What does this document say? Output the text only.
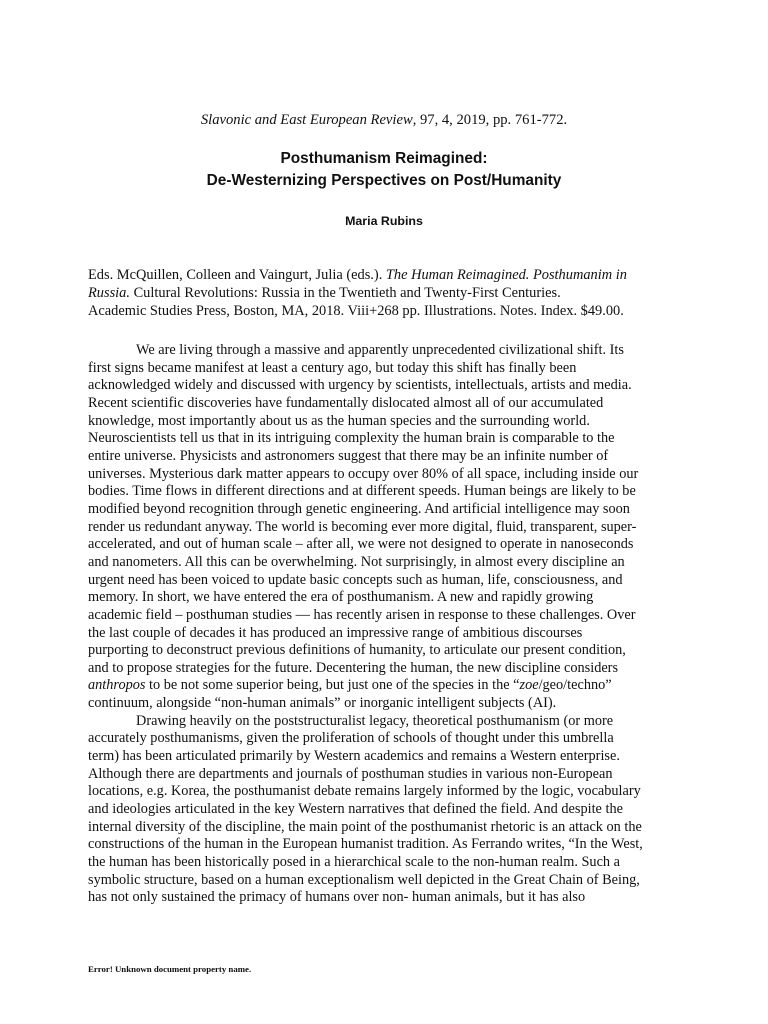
Slavonic and East European Review, 97, 4, 2019, pp. 761-772.
Posthumanism Reimagined:
De-Westernizing Perspectives on Post/Humanity
Maria Rubins
Eds. McQuillen, Colleen and Vaingurt, Julia (eds.). The Human Reimagined. Posthumanim in
Russia. Cultural Revolutions: Russia in the Twentieth and Twenty-First Centuries.
Academic Studies Press, Boston, MA, 2018. Viii+268 pp. Illustrations. Notes. Index. $49.00.

We are living through a massive and apparently unprecedented civilizational shift. Its
first signs became manifest at least a century ago, but today this shift has finally been
acknowledged widely and discussed with urgency by scientists, intellectuals, artists and media.
Recent scientific discoveries have fundamentally dislocated almost all of our accumulated
knowledge, most importantly about us as the human species and the surrounding world.
Neuroscientists tell us that in its intriguing complexity the human brain is comparable to the
entire universe. Physicists and astronomers suggest that there may be an infinite number of
universes. Mysterious dark matter appears to occupy over 80% of all space, including inside our
bodies. Time flows in different directions and at different speeds. Human beings are likely to be
modified beyond recognition through genetic engineering. And artificial intelligence may soon
render us redundant anyway. The world is becoming ever more digital, fluid, transparent, super-
accelerated, and out of human scale – after all, we were not designed to operate in nanoseconds
and nanometers. All this can be overwhelming. Not surprisingly, in almost every discipline an
urgent need has been voiced to update basic concepts such as human, life, consciousness, and
memory. In short, we have entered the era of posthumanism. A new and rapidly growing
academic field – posthuman studies — has recently arisen in response to these challenges. Over
the last couple of decades it has produced an impressive range of ambitious discourses
purporting to deconstruct previous definitions of humanity, to articulate our present condition,
and to propose strategies for the future. Decentering the human, the new discipline considers
anthropos to be not some superior being, but just one of the species in the “zoe/geo/techno”
continuum, alongside “non-human animals” or inorganic intelligent subjects (AI).

Drawing heavily on the poststructuralist legacy, theoretical posthumanism (or more
accurately posthumanisms, given the proliferation of schools of thought under this umbrella
term) has been articulated primarily by Western academics and remains a Western enterprise.
Although there are departments and journals of posthuman studies in various non-European
locations, e.g. Korea, the posthumanist debate remains largely informed by the logic, vocabulary
and ideologies articulated in the key Western narratives that defined the field. And despite the
internal diversity of the discipline, the main point of the posthumanist rhetoric is an attack on the
constructions of the human in the European humanist tradition. As Ferrando writes, “In the West,
the human has been historically posed in a hierarchical scale to the non-human realm. Such a
symbolic structure, based on a human exceptionalism well depicted in the Great Chain of Being,
has not only sustained the primacy of humans over non- human animals, but it has also

Error! Unknown document property name.
